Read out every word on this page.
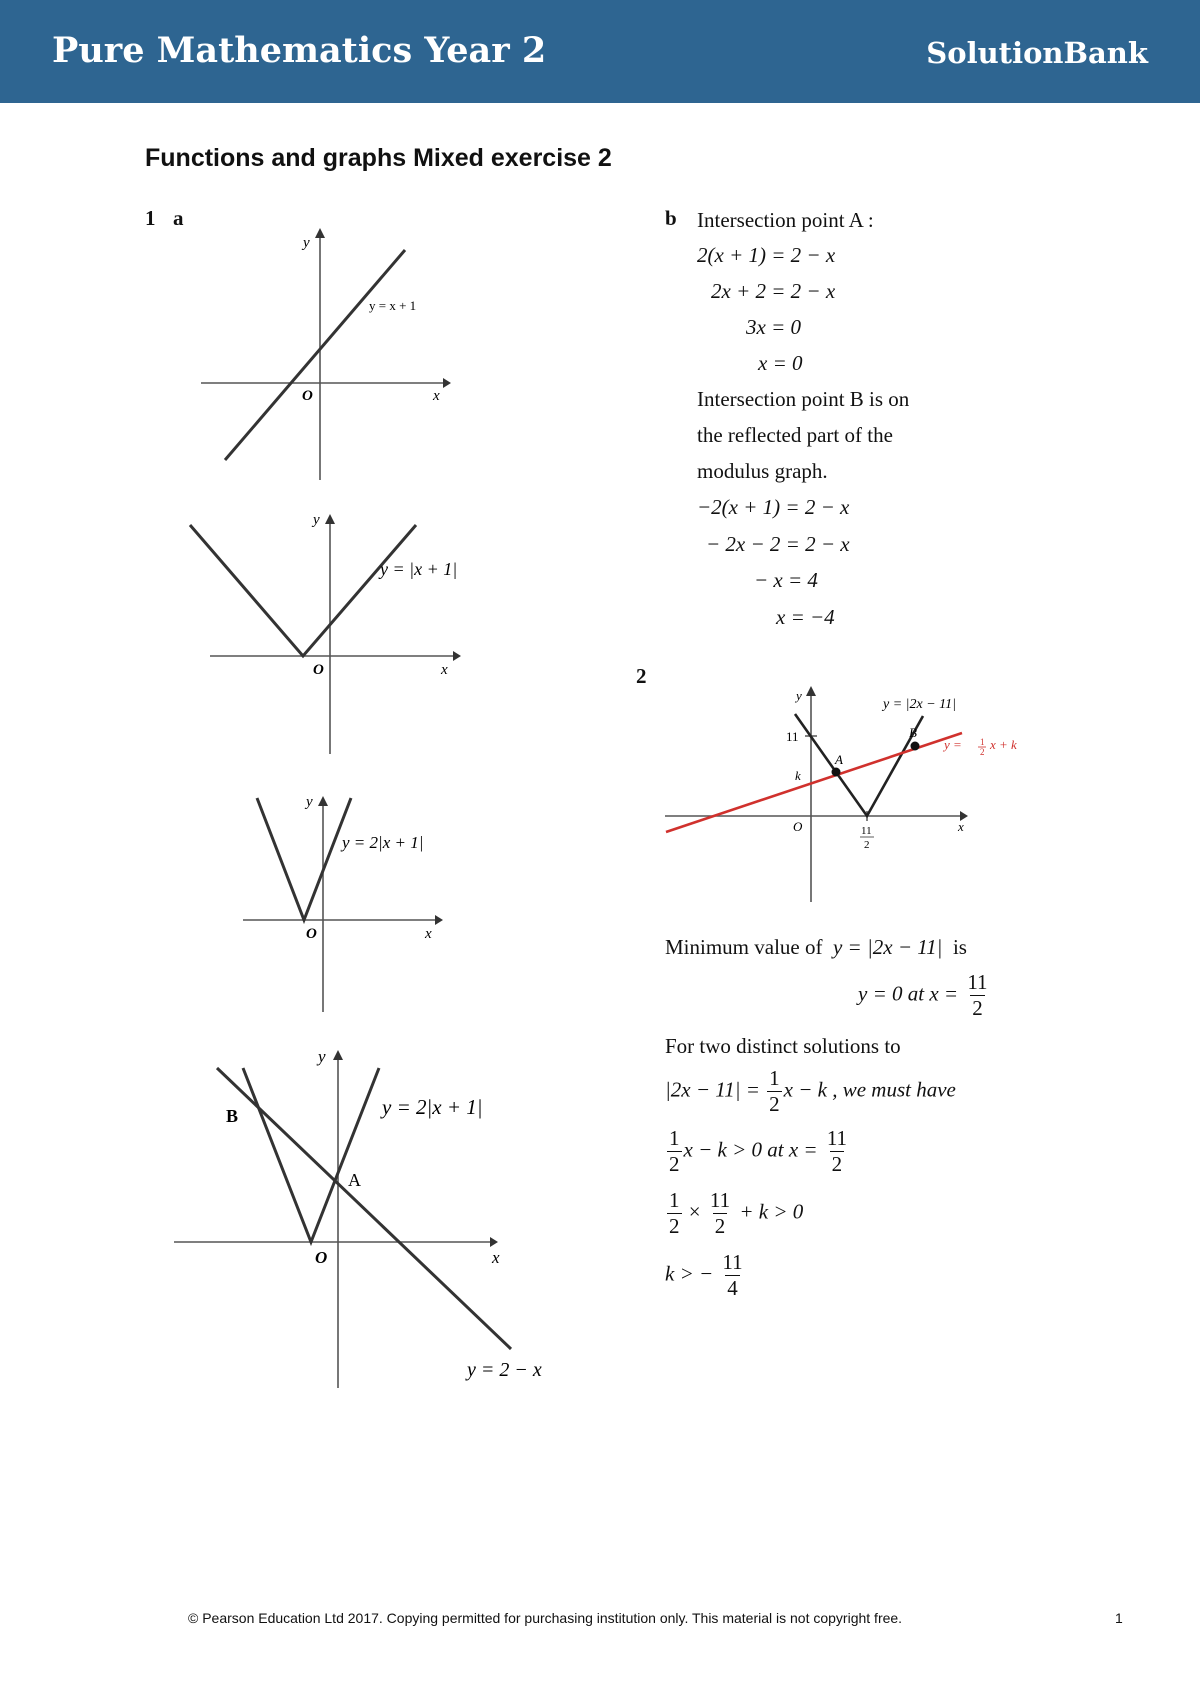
Pure Mathematics Year 2	SolutionBank
Functions and graphs Mixed exercise 2
1 a	b
y
x
O
y = x + 1
y
x
O
y = |x + 1|
y
x
O
y = 2|x + 1|
y
x
O
B
A
y = 2|x + 1|
y = 2 − x
Intersection point A :
2(x + 1) = 2 − x
2x + 2 = 2 − x
3x = 0
x = 0
Intersection point B is on
the reflected part of the
modulus graph.
−2(x + 1) = 2 − x
− 2x − 2 = 2 − x
− x = 4
x = −4
2
y
x
O
11
k
A
B
11
2
y = |2x − 11|
y = 1
2 x + k
Minimum value of y = |2x − 11| is
y = 0 at $x = \frac{11}{2}$
For two distinct solutions to
$|2x - 11| = \frac{1}{2}$ x − k , we must have
$\frac{1}{2}$ x − k > 0 at $x = \frac{11}{2}$
$\frac{1}{2} \times \frac{11}{2} + k > 0$
k > − $\frac{11}{4}$
© Pearson Education Ltd 2017. Copying permitted for purchasing institution only. This material is not copyright free.	1
